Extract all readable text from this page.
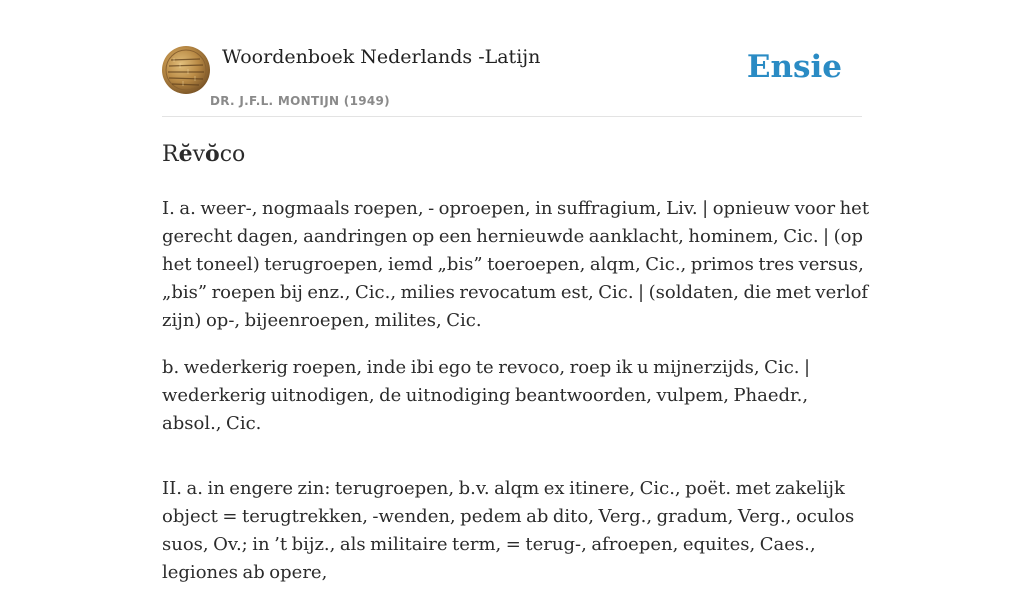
Woordenboek Nederlands -Latijn
DR. J.F.L. MONTIJN (1949)
Ensie
Rĕvŏco

I. a. weer-, nogmaals roepen, - oproepen, in suffragium, Liv. | opnieuw voor het gerecht dagen, aandringen op een hernieuwde aanklacht, hominem, Cic. | (op het toneel) terugroepen, iemd „bis” toeroepen, alqm, Cic., primos tres versus, „bis” roepen bij enz., Cic., milies revocatum est, Cic. | (soldaten, die met verlof zijn) op-, bijeenroepen, milites, Cic.

b. wederkerig roepen, inde ibi ego te revoco, roep ik u mijnerzijds, Cic. | wederkerig uitnodigen, de uitnodiging beantwoorden, vulpem, Phaedr., absol., Cic.

II. a. in engere zin: terugroepen, b.v. alqm ex itinere, Cic., poët. met zakelijk object = terugtrekken, -wenden, pedem ab dito, Verg., gradum, Verg., oculos suos, Ov.; in ’t bijz., als militaire term, = terug-, afroepen, equites, Caes., legiones ab opere,
